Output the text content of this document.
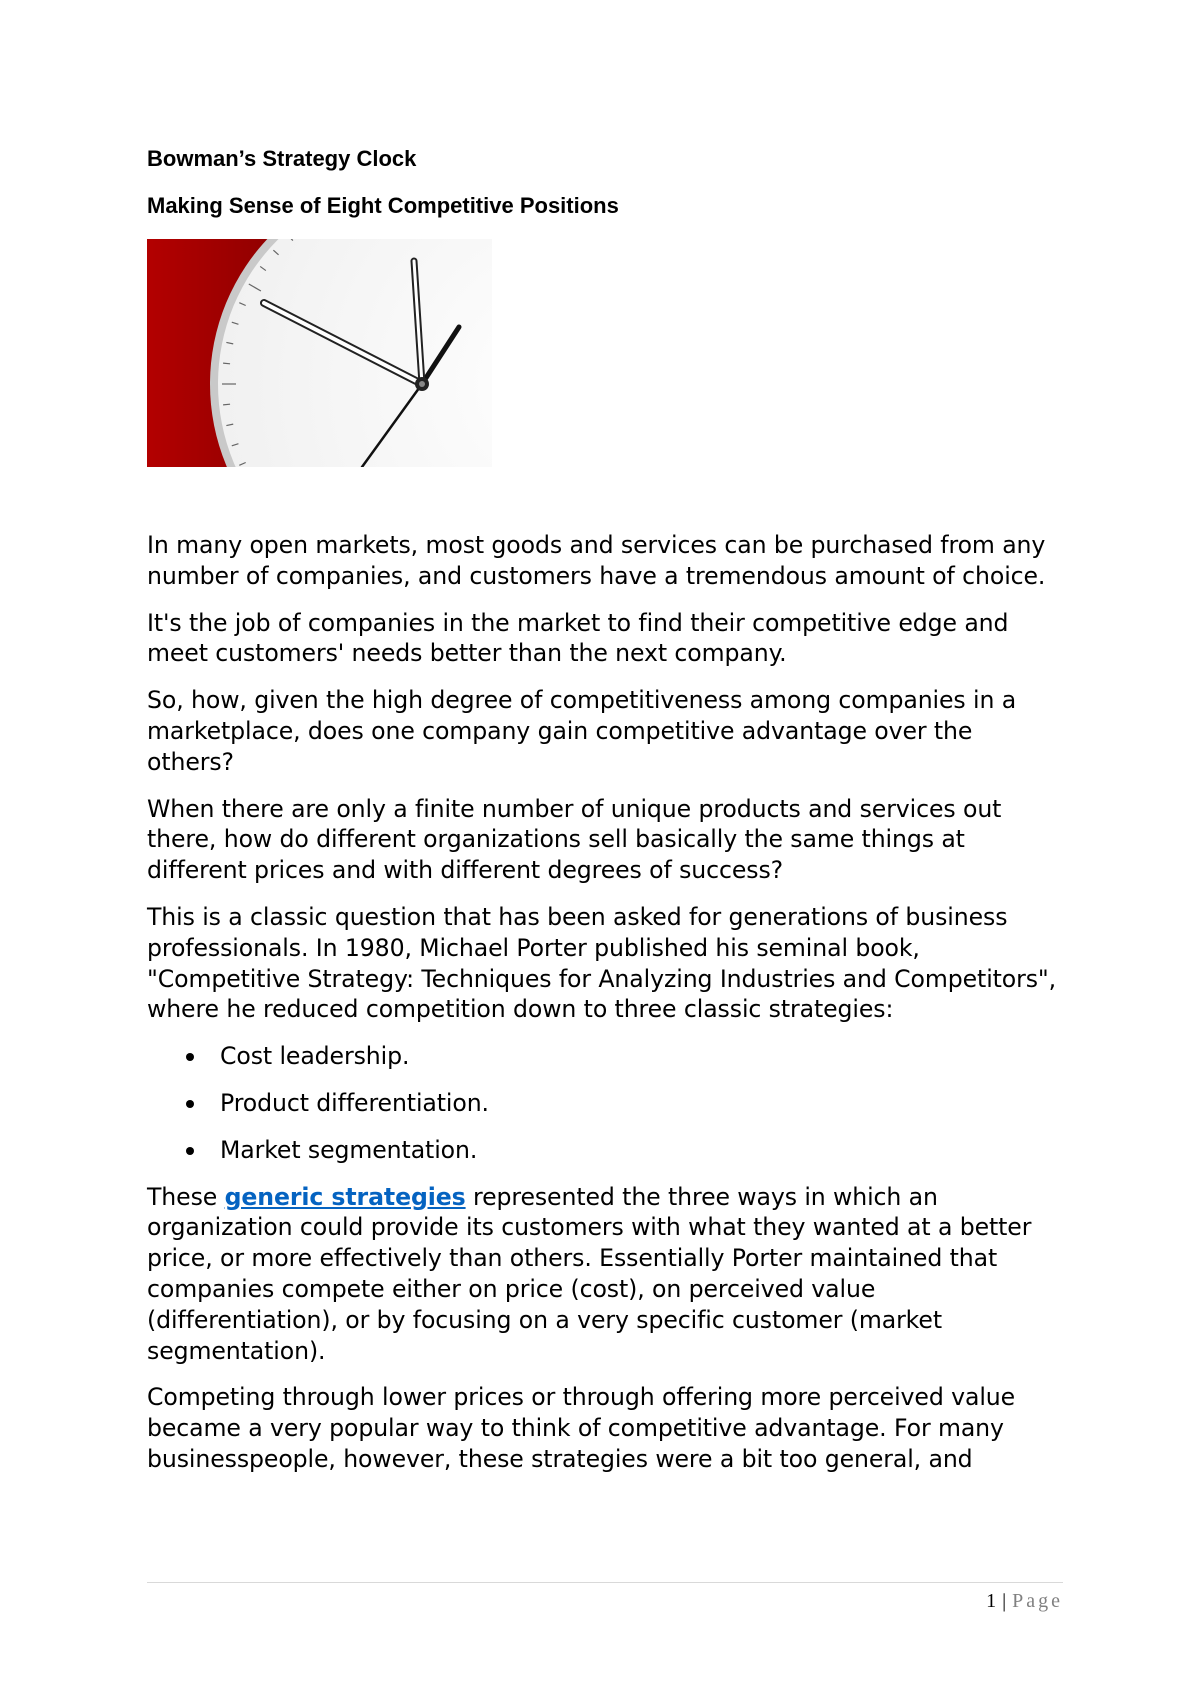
Bowman’s Strategy Clock

Making Sense of Eight Competitive Positions

In many open markets, most goods and services can be purchased from any number of companies, and customers have a tremendous amount of choice.

It's the job of companies in the market to find their competitive edge and meet customers' needs better than the next company.

So, how, given the high degree of competitiveness among companies in a marketplace, does one company gain competitive advantage over the others?

When there are only a finite number of unique products and services out there, how do different organizations sell basically the same things at different prices and with different degrees of success?

This is a classic question that has been asked for generations of business professionals. In 1980, Michael Porter published his seminal book, "Competitive Strategy: Techniques for Analyzing Industries and Competitors", where he reduced competition down to three classic strategies:

Cost leadership.
Product differentiation.
Market segmentation.

These generic strategies represented the three ways in which an organization could provide its customers with what they wanted at a better price, or more effectively than others. Essentially Porter maintained that companies compete either on price (cost), on perceived value (differentiation), or by focusing on a very specific customer (market segmentation).

Competing through lower prices or through offering more perceived value became a very popular way to think of competitive advantage. For many businesspeople, however, these strategies were a bit too general, and

1 | Page
